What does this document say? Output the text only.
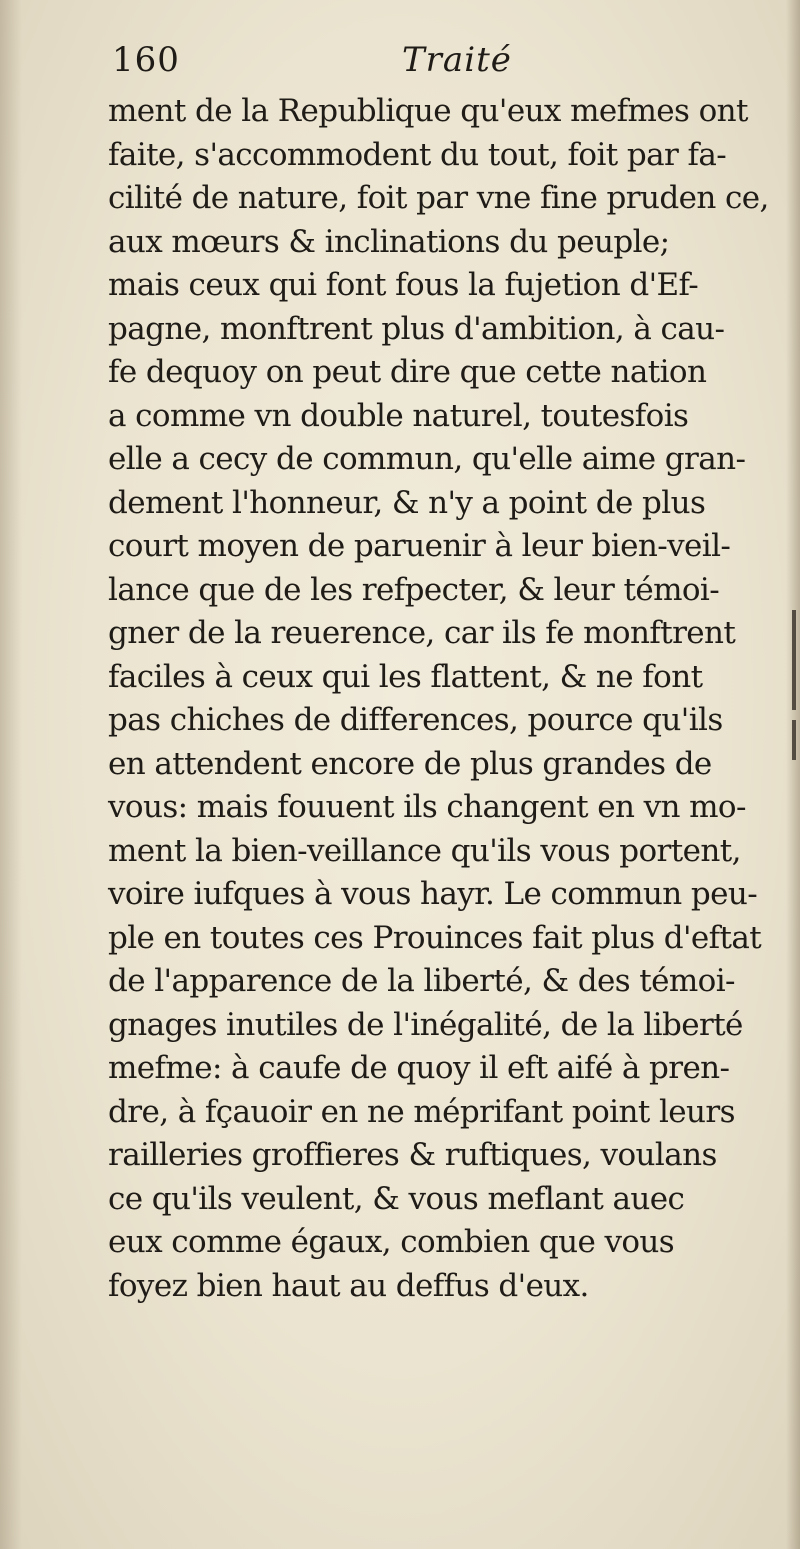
160	Traité
ment de la Republique qu'eux mefmes ont
faite, s'accommodent du tout, foit par fa-
cilité de nature, foit par vne fine pruden ce,
aux mœurs & inclinations du peuple;
mais ceux qui font fous la fujetion d'Ef-
pagne, monftrent plus d'ambition, à cau-
fe dequoy on peut dire que cette nation
a comme vn double naturel, toutesfois
elle a cecy de commun, qu'elle aime gran-
dement l'honneur, & n'y a point de plus
court moyen de paruenir à leur bien-veil-
lance que de les refpecter, & leur témoi-
gner de la reuerence, car ils fe monftrent
faciles à ceux qui les flattent, & ne font
pas chiches de differences, pource qu'ils
en attendent encore de plus grandes de
vous: mais fouuent ils changent en vn mo-
ment la bien-veillance qu'ils vous portent,
voire iufques à vous hayr. Le commun peu-
ple en toutes ces Prouinces fait plus d'eftat
de l'apparence de la liberté, & des témoi-
gnages inutiles de l'inégalité, de la liberté
mefme: à caufe de quoy il eft aifé à pren-
dre, à fçauoir en ne méprifant point leurs
railleries groffieres & ruftiques, voulans
ce qu'ils veulent, & vous meflant auec
eux comme égaux, combien que vous
foyez bien haut au deffus d'eux.
